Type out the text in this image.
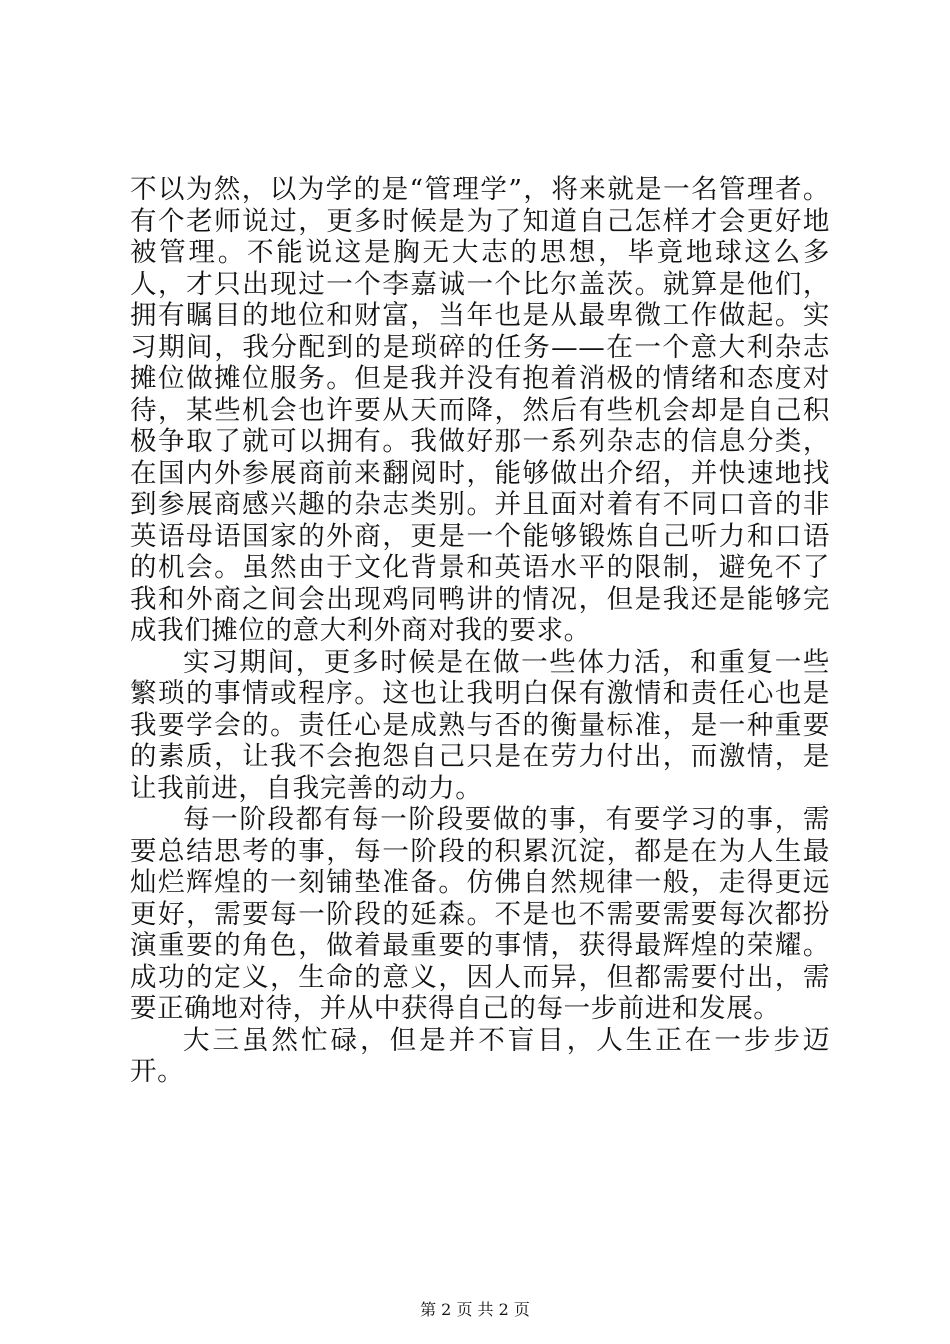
不以为然，以为学的是“管理学”，将来就是一名管理者。有个老师说过，更多时候是为了知道自己怎样才会更好地被管理。不能说这是胸无大志的思想，毕竟地球这么多人，才只出现过一个李嘉诚一个比尔盖茨。就算是他们，拥有瞩目的地位和财富，当年也是从最卑微工作做起。实习期间，我分配到的是琐碎的任务——在一个意大利杂志摊位做摊位服务。但是我并没有抱着消极的情绪和态度对待，某些机会也许要从天而降，然后有些机会却是自己积极争取了就可以拥有。我做好那一系列杂志的信息分类，在国内外参展商前来翻阅时，能够做出介绍，并快速地找到参展商感兴趣的杂志类别。并且面对着有不同口音的非英语母语国家的外商，更是一个能够锻炼自己听力和口语的机会。虽然由于文化背景和英语水平的限制，避免不了我和外商之间会出现鸡同鸭讲的情况，但是我还是能够完成我们摊位的意大利外商对我的要求。

实习期间，更多时候是在做一些体力活，和重复一些繁琐的事情或程序。这也让我明白保有激情和责任心也是我要学会的。责任心是成熟与否的衡量标准，是一种重要的素质，让我不会抱怨自己只是在劳力付出，而激情，是让我前进，自我完善的动力。

每一阶段都有每一阶段要做的事，有要学习的事，需要总结思考的事，每一阶段的积累沉淀，都是在为人生最灿烂辉煌的一刻铺垫准备。仿佛自然规律一般，走得更远更好，需要每一阶段的延森。不是也不需要需要每次都扮演重要的角色，做着最重要的事情，获得最辉煌的荣耀。成功的定义，生命的意义，因人而异，但都需要付出，需要正确地对待，并从中获得自己的每一步前进和发展。

大三虽然忙碌，但是并不盲目，人生正在一步步迈开。

第 2 页 共 2 页
